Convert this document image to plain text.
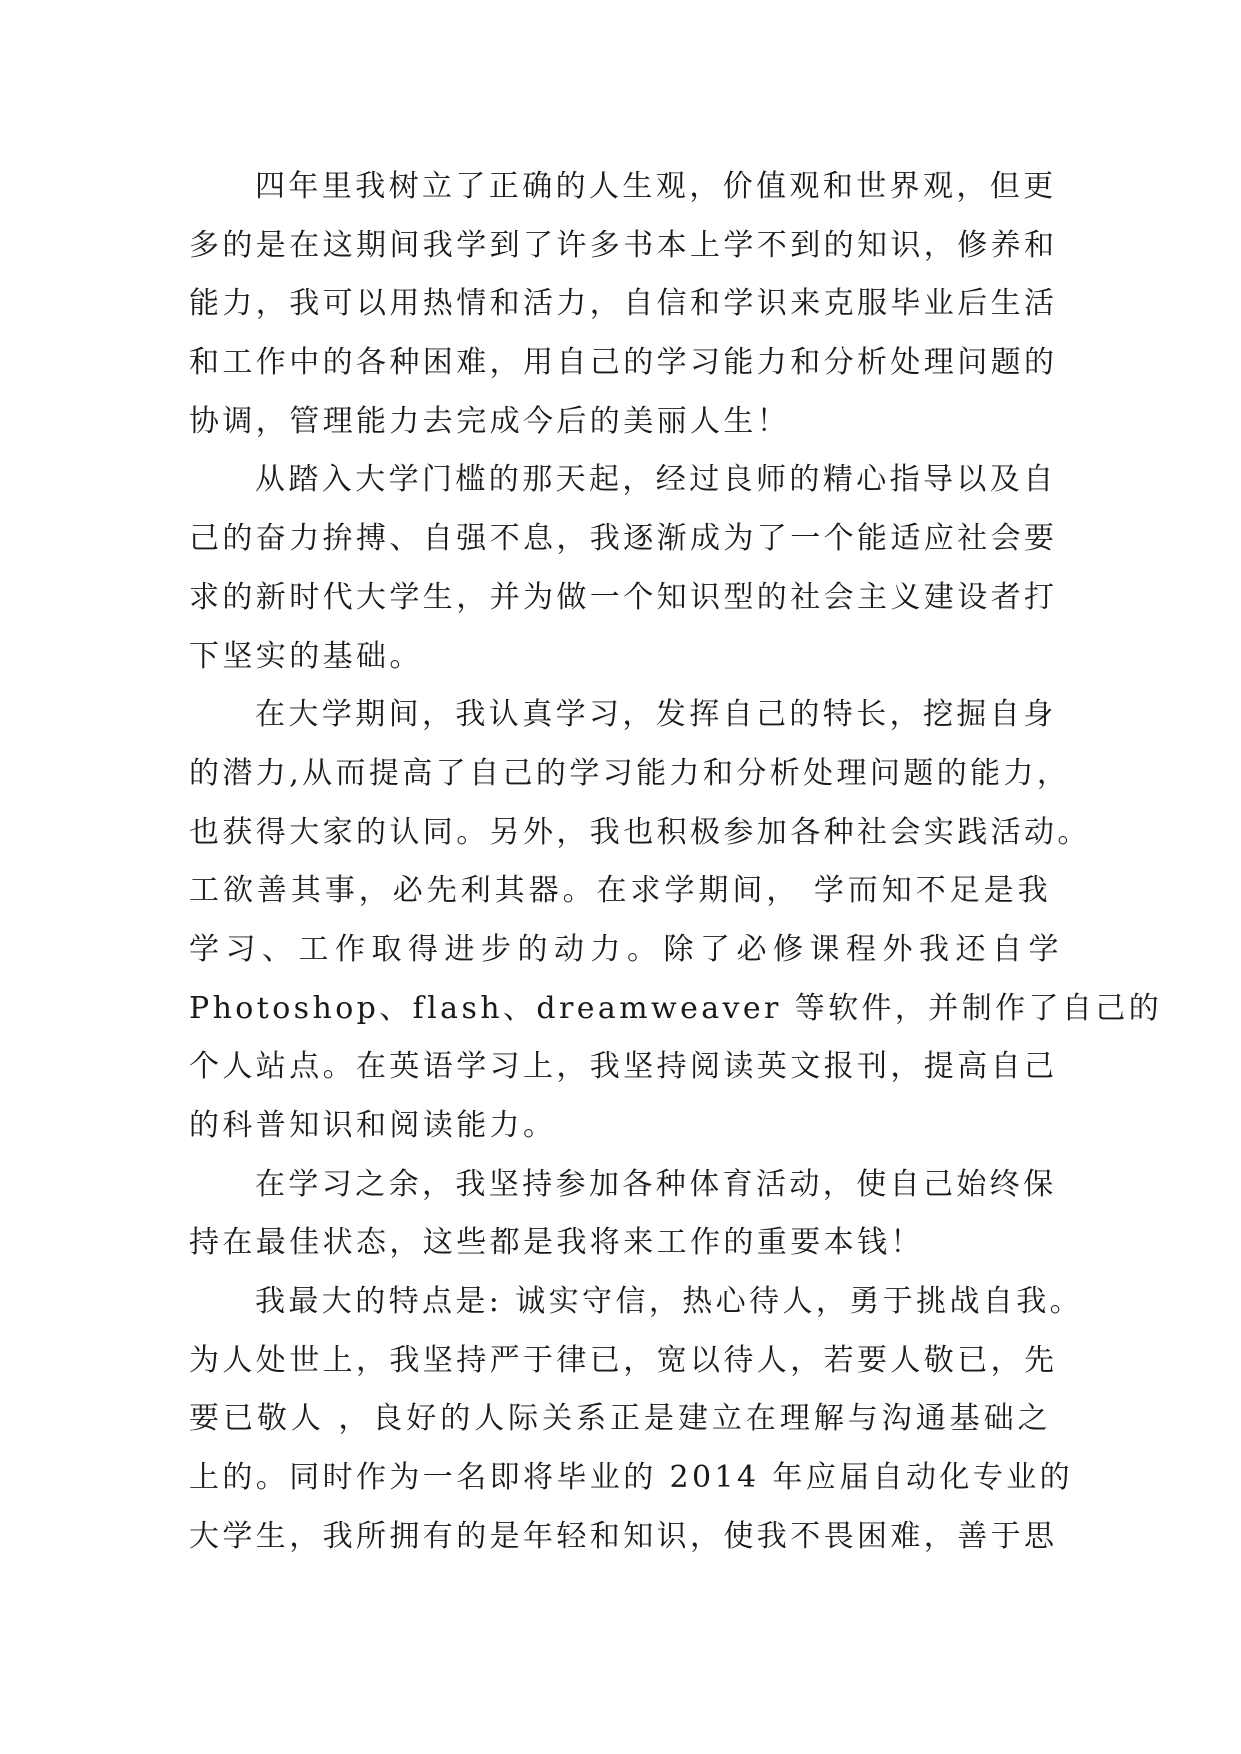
四年里我树立了正确的人生观，价值观和世界观，但更
多的是在这期间我学到了许多书本上学不到的知识，修养和
能力，我可以用热情和活力，自信和学识来克服毕业后生活
和工作中的各种困难，用自己的学习能力和分析处理问题的
协调，管理能力去完成今后的美丽人生！
从踏入大学门槛的那天起，经过良师的精心指导以及自
己的奋力拚搏、自强不息，我逐渐成为了一个能适应社会要
求的新时代大学生，并为做一个知识型的社会主义建设者打
下坚实的基础。
在大学期间，我认真学习，发挥自己的特长，挖掘自身
的潜力,从而提高了自己的学习能力和分析处理问题的能力，
也获得大家的认同。另外，我也积极参加各种社会实践活动。
工欲善其事，必先利其器。在求学期间， 学而知不足是我
学习、工作取得进步的动力。除了必修课程外我还自学
Photoshop、flash、dreamweaver 等软件，并制作了自己的
个人站点。在英语学习上，我坚持阅读英文报刊，提高自己
的科普知识和阅读能力。
在学习之余，我坚持参加各种体育活动，使自己始终保
持在最佳状态，这些都是我将来工作的重要本钱！
我最大的特点是: 诚实守信，热心待人，勇于挑战自我。
为人处世上，我坚持严于律已，宽以待人，若要人敬已，先
要已敬人 ，良好的人际关系正是建立在理解与沟通基础之
上的。同时作为一名即将毕业的 2014 年应届自动化专业的
大学生，我所拥有的是年轻和知识，使我不畏困难，善于思
